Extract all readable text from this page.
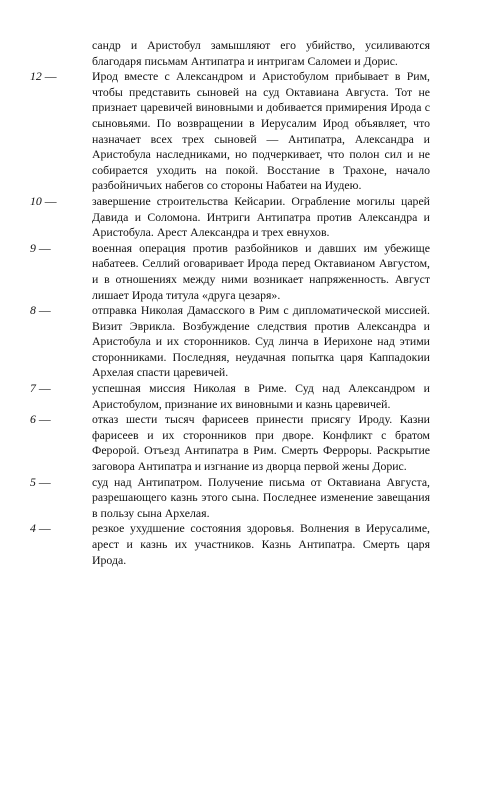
сандр и Аристобул замышляют его убийство, усиливаются благодаря письмам Антипатра и интригам Саломеи и Дорис.

12 —	Ирод вместе с Александром и Аристобулом прибывает в Рим, чтобы представить сыновей на суд Октавиана Августа. Тот не признает царевичей виновными и добивается примирения Ирода с сыновьями. По возвращении в Иерусалим Ирод объявляет, что назначает всех трех сыновей — Антипатра, Александра и Аристобула наследниками, но подчеркивает, что полон сил и не собирается уходить на покой. Восстание в Трахоне, начало разбойничьих набегов со стороны Набатеи на Иудею.

10 —	завершение строительства Кейсарии. Ограбление могилы царей Давида и Соломона. Интриги Антипатра против Александра и Аристобула. Арест Александра и трех евнухов.

9 —	военная операция против разбойников и давших им убежище набатеев. Селлий оговаривает Ирода перед Октавианом Августом, и в отношениях между ними возникает напряженность. Август лишает Ирода титула «друга цезаря».

8 —	отправка Николая Дамасского в Рим с дипломатической миссией. Визит Эврикла. Возбуждение следствия против Александра и Аристобула и их сторонников. Суд линча в Иерихоне над этими сторонниками. Последняя, неудачная попытка царя Каппадокии Архелая спасти царевичей.

7 —	успешная миссия Николая в Риме. Суд над Александром и Аристобулом, признание их виновными и казнь царевичей.

6 —	отказ шести тысяч фарисеев принести присягу Ироду. Казни фарисеев и их сторонников при дворе. Конфликт с братом Феророй. Отъезд Антипатра в Рим. Смерть Ферроры. Раскрытие заговора Антипатра и изгнание из дворца первой жены Дорис.

5 —	суд над Антипатром. Получение письма от Октавиана Августа, разрешающего казнь этого сына. Последнее изменение завещания в пользу сына Архелая.

4 —	резкое ухудшение состояния здоровья. Волнения в Иерусалиме, арест и казнь их участников. Казнь Антипатра. Смерть царя Ирода.
